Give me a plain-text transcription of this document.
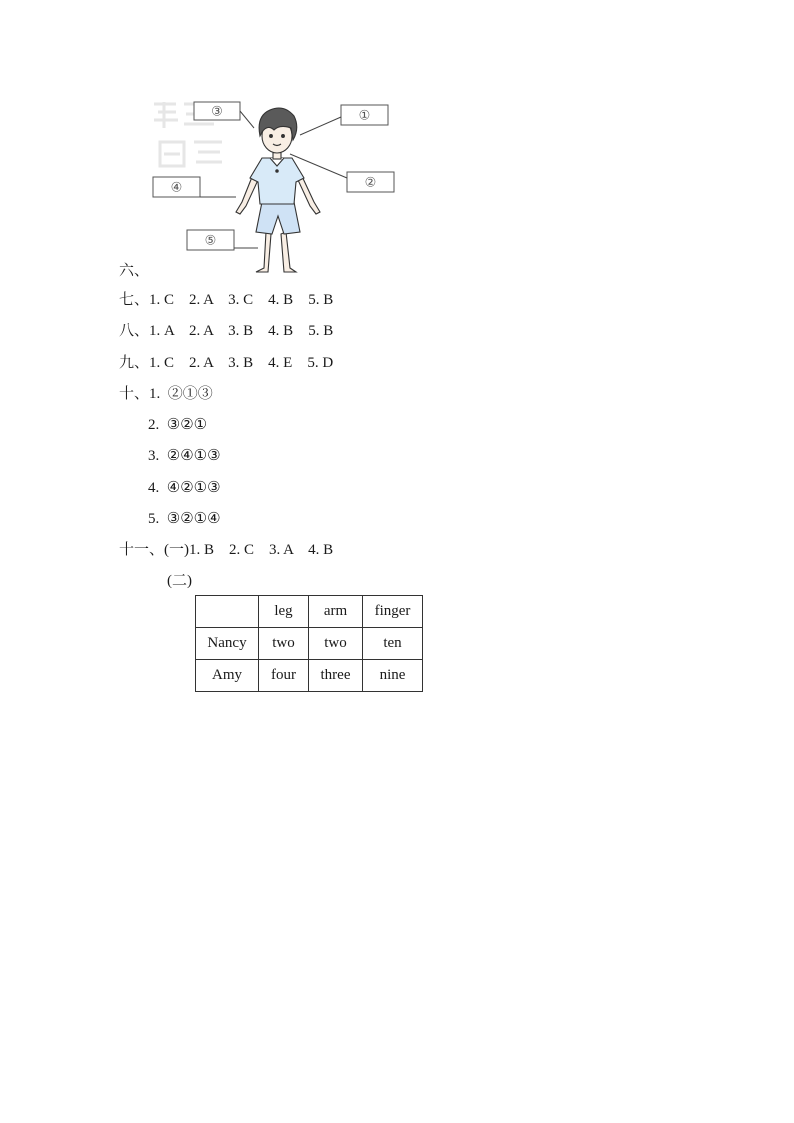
③	①
④	②
⑤
六、
七、1. C    2. A    3. C    4. B    5. B
八、1. A    2. A    3. B    4. B    5. B
九、1. C    2. A    3. B    4. E    5. D
十、1.  ②①③
2.  ③②①
3.  ②④①③
4.  ④②①③
5.  ③②①④
十一、(一)1. B    2. C    3. A    4. B
(二)
	leg	arm	finger
Nancy	two	two	ten
Amy	four	three	nine
